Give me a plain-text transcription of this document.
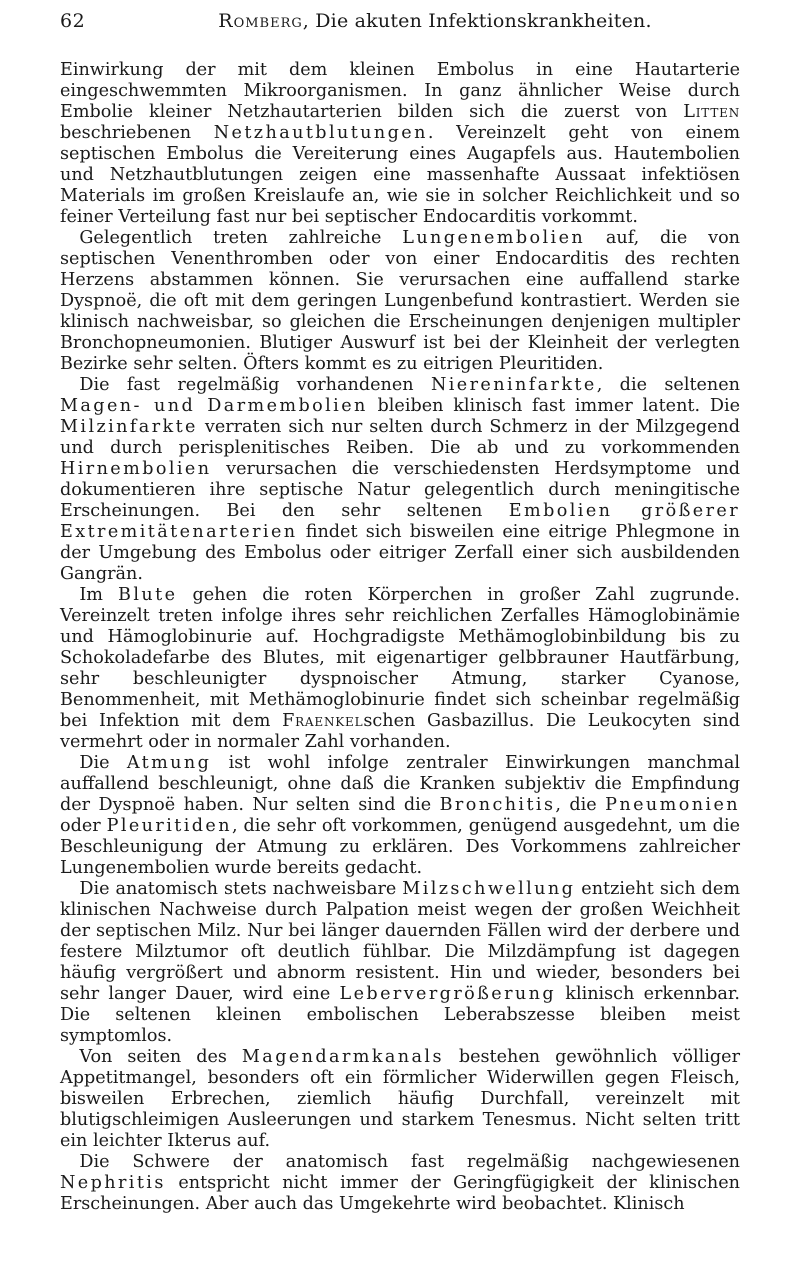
62	Romberg, Die akuten Infektionskrankheiten.

Einwirkung der mit dem kleinen Embolus in eine Hautarterie eingeschwemmten Mikroorganismen. In ganz ähnlicher Weise durch Embolie kleiner Netzhautarterien bilden sich die zuerst von Litten beschriebenen Netzhautblutungen. Vereinzelt geht von einem septischen Embolus die Vereiterung eines Augapfels aus. Hautembolien und Netzhautblutungen zeigen eine massenhafte Aussaat infektiösen Materials im großen Kreislaufe an, wie sie in solcher Reichlichkeit und so feiner Verteilung fast nur bei septischer Endocarditis vorkommt.

Gelegentlich treten zahlreiche Lungenembolien auf, die von septischen Venenthromben oder von einer Endocarditis des rechten Herzens abstammen können. Sie verursachen eine auffallend starke Dyspnoë, die oft mit dem geringen Lungenbefund kontrastiert. Werden sie klinisch nachweisbar, so gleichen die Erscheinungen denjenigen multipler Bronchopneumonien. Blutiger Auswurf ist bei der Kleinheit der verlegten Bezirke sehr selten. Öfters kommt es zu eitrigen Pleuritiden.

Die fast regelmäßig vorhandenen Niereninfarkte, die seltenen Magen- und Darmembolien bleiben klinisch fast immer latent. Die Milzinfarkte verraten sich nur selten durch Schmerz in der Milzgegend und durch perisplenitisches Reiben. Die ab und zu vorkommenden Hirnembolien verursachen die verschiedensten Herdsymptome und dokumentieren ihre septische Natur gelegentlich durch meningitische Erscheinungen. Bei den sehr seltenen Embolien größerer Extremitätenarterien findet sich bisweilen eine eitrige Phlegmone in der Umgebung des Embolus oder eitriger Zerfall einer sich ausbildenden Gangrän.

Im Blute gehen die roten Körperchen in großer Zahl zugrunde. Vereinzelt treten infolge ihres sehr reichlichen Zerfalles Hämoglobinämie und Hämoglobinurie auf. Hochgradigste Methämoglobinbildung bis zu Schokoladefarbe des Blutes, mit eigenartiger gelbbrauner Hautfärbung, sehr beschleunigter dyspnoischer Atmung, starker Cyanose, Benommenheit, mit Methämoglobinurie findet sich scheinbar regelmäßig bei Infektion mit dem Fraenkelschen Gasbazillus. Die Leukocyten sind vermehrt oder in normaler Zahl vorhanden.

Die Atmung ist wohl infolge zentraler Einwirkungen manchmal auffallend beschleunigt, ohne daß die Kranken subjektiv die Empfindung der Dyspnoë haben. Nur selten sind die Bronchitis, die Pneumonien oder Pleuritiden, die sehr oft vorkommen, genügend ausgedehnt, um die Beschleunigung der Atmung zu erklären. Des Vorkommens zahlreicher Lungenembolien wurde bereits gedacht.

Die anatomisch stets nachweisbare Milzschwellung entzieht sich dem klinischen Nachweise durch Palpation meist wegen der großen Weichheit der septischen Milz. Nur bei länger dauernden Fällen wird der derbere und festere Milztumor oft deutlich fühlbar. Die Milzdämpfung ist dagegen häufig vergrößert und abnorm resistent. Hin und wieder, besonders bei sehr langer Dauer, wird eine Lebervergrößerung klinisch erkennbar. Die seltenen kleinen embolischen Leberabszesse bleiben meist symptomlos.

Von seiten des Magendarmkanals bestehen gewöhnlich völliger Appetitmangel, besonders oft ein förmlicher Widerwillen gegen Fleisch, bisweilen Erbrechen, ziemlich häufig Durchfall, vereinzelt mit blutigschleimigen Ausleerungen und starkem Tenesmus. Nicht selten tritt ein leichter Ikterus auf.

Die Schwere der anatomisch fast regelmäßig nachgewiesenen Nephritis entspricht nicht immer der Geringfügigkeit der klinischen Erscheinungen. Aber auch das Umgekehrte wird beobachtet. Klinisch
